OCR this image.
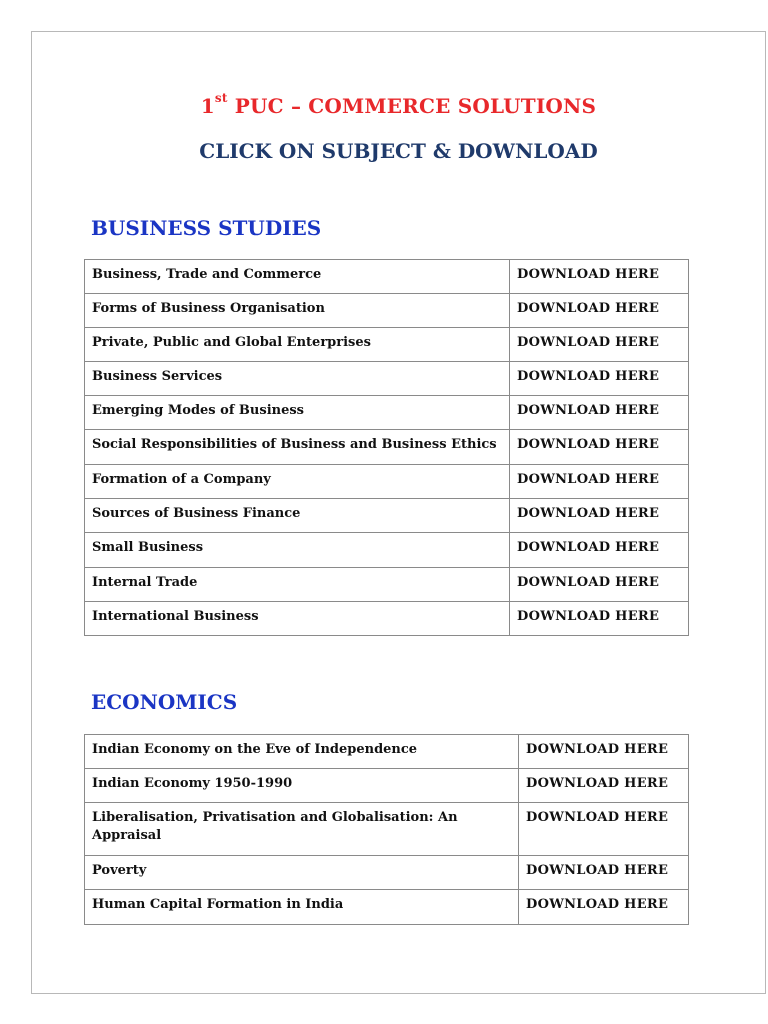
1st PUC – COMMERCE SOLUTIONS
CLICK ON SUBJECT & DOWNLOAD
BUSINESS STUDIES
Business, Trade and Commerce	DOWNLOAD HERE
Forms of Business Organisation	DOWNLOAD HERE
Private, Public and Global Enterprises	DOWNLOAD HERE
Business Services	DOWNLOAD HERE
Emerging Modes of Business	DOWNLOAD HERE
Social Responsibilities of Business and Business Ethics	DOWNLOAD HERE
Formation of a Company	DOWNLOAD HERE
Sources of Business Finance	DOWNLOAD HERE
Small Business	DOWNLOAD HERE
Internal Trade	DOWNLOAD HERE
International Business	DOWNLOAD HERE
ECONOMICS
Indian Economy on the Eve of Independence	DOWNLOAD HERE
Indian Economy 1950-1990	DOWNLOAD HERE
Liberalisation, Privatisation and Globalisation: An Appraisal	DOWNLOAD HERE
Poverty	DOWNLOAD HERE
Human Capital Formation in India	DOWNLOAD HERE
